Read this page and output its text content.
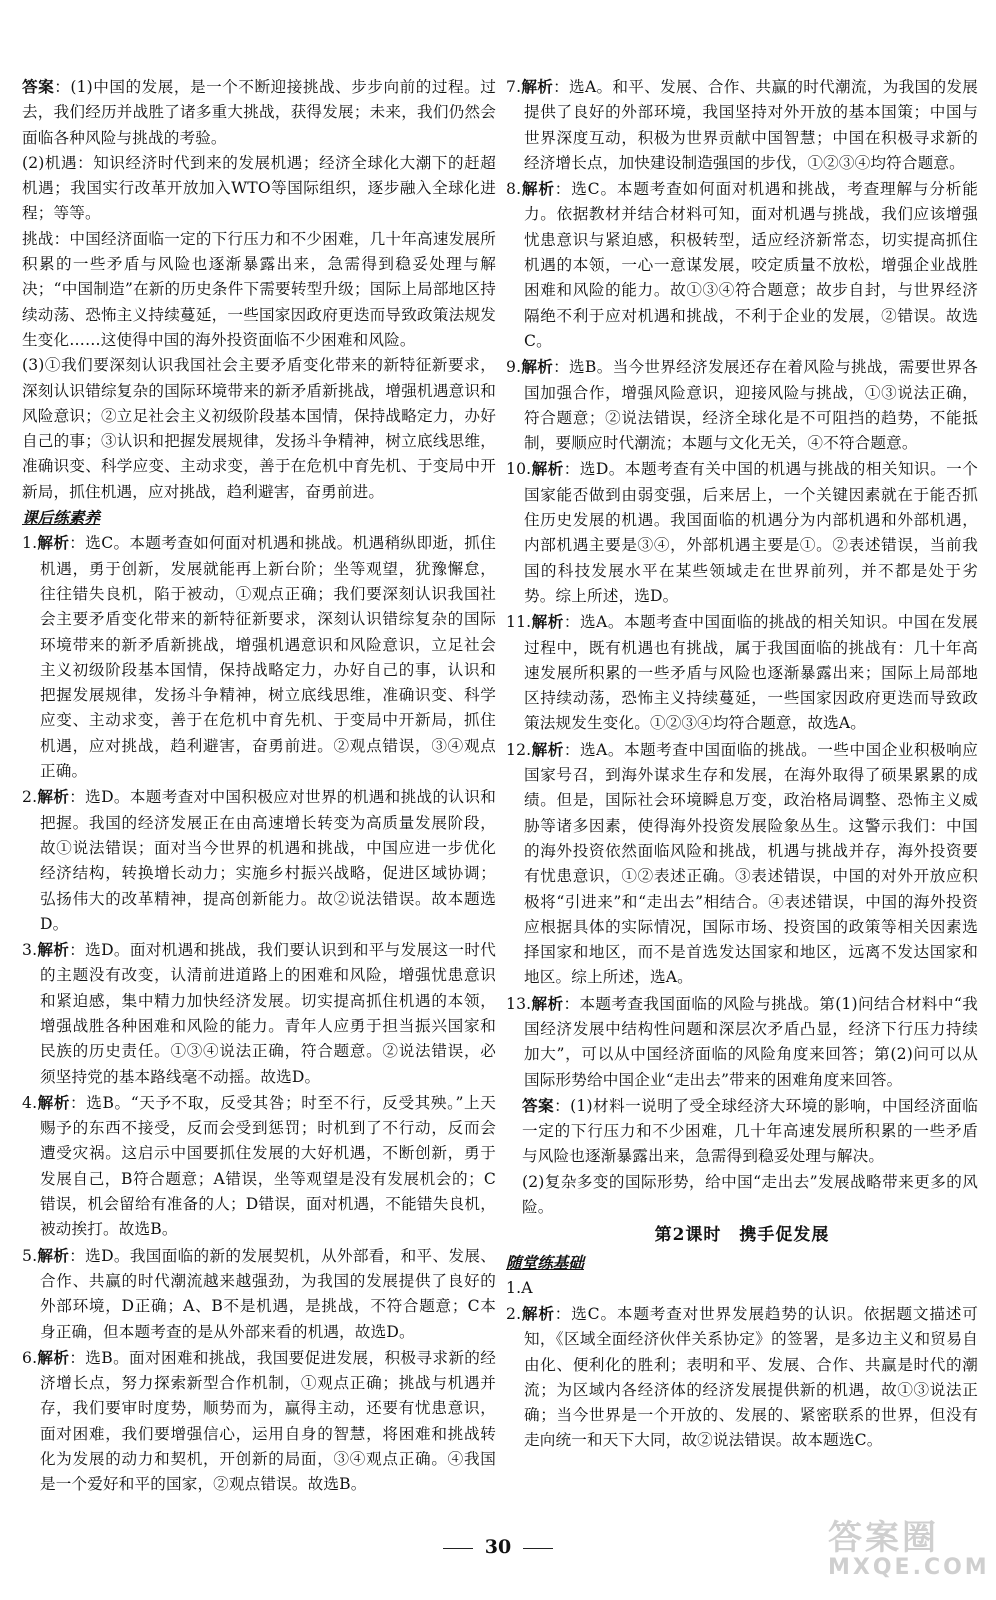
答案：(1)中国的发展，是一个不断迎接挑战、步步向前的过程。过去，我们经历并战胜了诸多重大挑战，获得发展；未来，我们仍然会面临各种风险与挑战的考验。

(2)机遇：知识经济时代到来的发展机遇；经济全球化大潮下的赶超机遇；我国实行改革开放加入WTO等国际组织，逐步融入全球化进程；等等。

挑战：中国经济面临一定的下行压力和不少困难，几十年高速发展所积累的一些矛盾与风险也逐渐暴露出来，急需得到稳妥处理与解决；“中国制造”在新的历史条件下需要转型升级；国际上局部地区持续动荡、恐怖主义持续蔓延，一些国家因政府更迭而导致政策法规发生变化……这使得中国的海外投资面临不少困难和风险。

(3)①我们要深刻认识我国社会主要矛盾变化带来的新特征新要求，深刻认识错综复杂的国际环境带来的新矛盾新挑战，增强机遇意识和风险意识；②立足社会主义初级阶段基本国情，保持战略定力，办好自己的事；③认识和把握发展规律，发扬斗争精神，树立底线思维，准确识变、科学应变、主动求变，善于在危机中育先机、于变局中开新局，抓住机遇，应对挑战，趋利避害，奋勇前进。

课后练素养

1.解析：选C。本题考查如何面对机遇和挑战。机遇稍纵即逝，抓住机遇，勇于创新，发展就能再上新台阶；坐等观望，犹豫懈怠，往往错失良机，陷于被动，①观点正确；我们要深刻认识我国社会主要矛盾变化带来的新特征新要求，深刻认识错综复杂的国际环境带来的新矛盾新挑战，增强机遇意识和风险意识，立足社会主义初级阶段基本国情，保持战略定力，办好自己的事，认识和把握发展规律，发扬斗争精神，树立底线思维，准确识变、科学应变、主动求变，善于在危机中育先机、于变局中开新局，抓住机遇，应对挑战，趋利避害，奋勇前进。②观点错误，③④观点正确。

2.解析：选D。本题考查对中国积极应对世界的机遇和挑战的认识和把握。我国的经济发展正在由高速增长转变为高质量发展阶段，故①说法错误；面对当今世界的机遇和挑战，中国应进一步优化经济结构，转换增长动力；实施乡村振兴战略，促进区域协调；弘扬伟大的改革精神，提高创新能力。故②说法错误。故本题选D。

3.解析：选D。面对机遇和挑战，我们要认识到和平与发展这一时代的主题没有改变，认清前进道路上的困难和风险，增强忧患意识和紧迫感，集中精力加快经济发展。切实提高抓住机遇的本领，增强战胜各种困难和风险的能力。青年人应勇于担当振兴国家和民族的历史责任。①③④说法正确，符合题意。②说法错误，必须坚持党的基本路线毫不动摇。故选D。

4.解析：选B。“天予不取，反受其咎；时至不行，反受其殃。”上天赐予的东西不接受，反而会受到惩罚；时机到了不行动，反而会遭受灾祸。这启示中国要抓住发展的大好机遇，不断创新，勇于发展自己，B符合题意；A错误，坐等观望是没有发展机会的；C错误，机会留给有准备的人；D错误，面对机遇，不能错失良机，被动挨打。故选B。

5.解析：选D。我国面临的新的发展契机，从外部看，和平、发展、合作、共赢的时代潮流越来越强劲，为我国的发展提供了良好的外部环境，D正确；A、B不是机遇，是挑战，不符合题意；C本身正确，但本题考查的是从外部来看的机遇，故选D。

6.解析：选B。面对困难和挑战，我国要促进发展，积极寻求新的经济增长点，努力探索新型合作机制，①观点正确；挑战与机遇并存，我们要审时度势，顺势而为，赢得主动，还要有忧患意识，面对困难，我们要增强信心，运用自身的智慧，将困难和挑战转化为发展的动力和契机，开创新的局面，③④观点正确。④我国是一个爱好和平的国家，②观点错误。故选B。

7.解析：选A。和平、发展、合作、共赢的时代潮流，为我国的发展提供了良好的外部环境，我国坚持对外开放的基本国策；中国与世界深度互动，积极为世界贡献中国智慧；中国在积极寻求新的经济增长点，加快建设制造强国的步伐，①②③④均符合题意。

8.解析：选C。本题考查如何面对机遇和挑战，考查理解与分析能力。依据教材并结合材料可知，面对机遇与挑战，我们应该增强忧患意识与紧迫感，积极转型，适应经济新常态，切实提高抓住机遇的本领，一心一意谋发展，咬定质量不放松，增强企业战胜困难和风险的能力。故①③④符合题意；故步自封，与世界经济隔绝不利于应对机遇和挑战，不利于企业的发展，②错误。故选C。

9.解析：选B。当今世界经济发展还存在着风险与挑战，需要世界各国加强合作，增强风险意识，迎接风险与挑战，①③说法正确，符合题意；②说法错误，经济全球化是不可阻挡的趋势，不能抵制，要顺应时代潮流；本题与文化无关，④不符合题意。

10.解析：选D。本题考查有关中国的机遇与挑战的相关知识。一个国家能否做到由弱变强，后来居上，一个关键因素就在于能否抓住历史发展的机遇。我国面临的机遇分为内部机遇和外部机遇，内部机遇主要是③④，外部机遇主要是①。②表述错误，当前我国的科技发展水平在某些领域走在世界前列，并不都是处于劣势。综上所述，选D。

11.解析：选A。本题考查中国面临的挑战的相关知识。中国在发展过程中，既有机遇也有挑战，属于我国面临的挑战有：几十年高速发展所积累的一些矛盾与风险也逐渐暴露出来；国际上局部地区持续动荡，恐怖主义持续蔓延，一些国家因政府更迭而导致政策法规发生变化。①②③④均符合题意，故选A。

12.解析：选A。本题考查中国面临的挑战。一些中国企业积极响应国家号召，到海外谋求生存和发展，在海外取得了硕果累累的成绩。但是，国际社会环境瞬息万变，政治格局调整、恐怖主义威胁等诸多因素，使得海外投资发展险象丛生。这警示我们：中国的海外投资依然面临风险和挑战，机遇与挑战并存，海外投资要有忧患意识，①②表述正确。③表述错误，中国的对外开放应积极将“引进来”和“走出去”相结合。④表述错误，中国的海外投资应根据具体的实际情况，国际市场、投资国的政策等相关因素选择国家和地区，而不是首选发达国家和地区，远离不发达国家和地区。综上所述，选A。

13.解析：本题考查我国面临的风险与挑战。第(1)问结合材料中“我国经济发展中结构性问题和深层次矛盾凸显，经济下行压力持续加大”，可以从中国经济面临的风险角度来回答；第(2)问可以从国际形势给中国企业“走出去”带来的困难角度来回答。

答案：(1)材料一说明了受全球经济大环境的影响，中国经济面临一定的下行压力和不少困难，几十年高速发展所积累的一些矛盾与风险也逐渐暴露出来，急需得到稳妥处理与解决。

(2)复杂多变的国际形势，给中国“走出去”发展战略带来更多的风险。

第2课时　携手促发展

随堂练基础

1.A

2.解析：选C。本题考查对世界发展趋势的认识。依据题文描述可知，《区域全面经济伙伴关系协定》的签署，是多边主义和贸易自由化、便利化的胜利；表明和平、发展、合作、共赢是时代的潮流；为区域内各经济体的经济发展提供新的机遇，故①③说法正确；当今世界是一个开放的、发展的、紧密联系的世界，但没有走向统一和天下大同，故②说法错误。故本题选C。

30	答案圈
MXQE.COM
